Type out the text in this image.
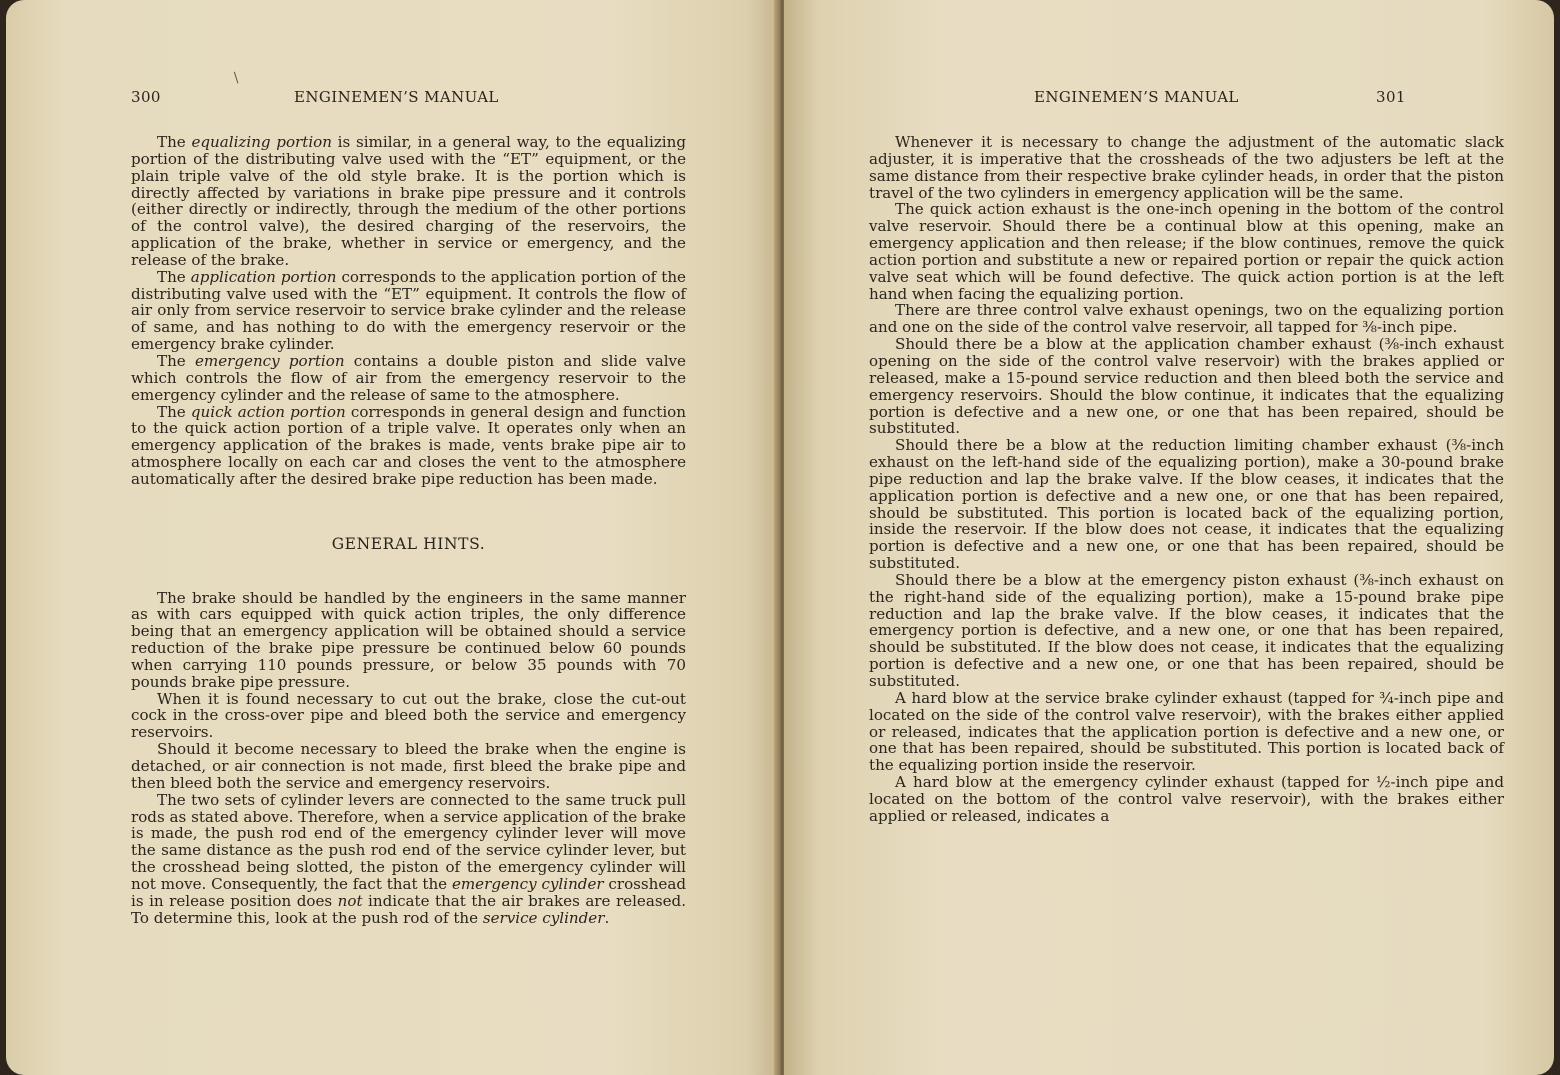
/
300	ENGINEMEN’S MANUAL

The equalizing portion is similar, in a general way, to the equalizing portion of the distributing valve used with the “ET” equipment, or the plain triple valve of the old style brake. It is the portion which is directly affected by variations in brake pipe pressure and it controls (either directly or indirectly, through the medium of the other portions of the control valve), the desired charging of the reservoirs, the application of the brake, whether in service or emergency, and the release of the brake.

The application portion corresponds to the application portion of the distributing valve used with the “ET” equipment. It controls the flow of air only from service reservoir to service brake cylinder and the release of same, and has nothing to do with the emergency reservoir or the emergency brake cylinder.

The emergency portion contains a double piston and slide valve which controls the flow of air from the emergency reservoir to the emergency cylinder and the release of same to the atmosphere.

The quick action portion corresponds in general design and function to the quick action portion of a triple valve. It operates only when an emergency application of the brakes is made, vents brake pipe air to atmosphere locally on each car and closes the vent to the atmosphere automatically after the desired brake pipe reduction has been made.

GENERAL HINTS.

The brake should be handled by the engineers in the same manner as with cars equipped with quick action triples, the only difference being that an emergency application will be obtained should a service reduction of the brake pipe pressure be continued below 60 pounds when carrying 110 pounds pressure, or below 35 pounds with 70 pounds brake pipe pressure.

When it is found necessary to cut out the brake, close the cut-out cock in the cross-over pipe and bleed both the service and emergency reservoirs.

Should it become necessary to bleed the brake when the engine is detached, or air connection is not made, first bleed the brake pipe and then bleed both the service and emergency reservoirs.

The two sets of cylinder levers are connected to the same truck pull rods as stated above. Therefore, when a service application of the brake is made, the push rod end of the emergency cylinder lever will move the same distance as the push rod end of the service cylinder lever, but the crosshead being slotted, the piston of the emergency cylinder will not move. Consequently, the fact that the emergency cylinder crosshead is in release position does not indicate that the air brakes are released. To determine this, look at the push rod of the service cylinder.

ENGINEMEN’S MANUAL	301

Whenever it is necessary to change the adjustment of the automatic slack adjuster, it is imperative that the crossheads of the two adjusters be left at the same distance from their respective brake cylinder heads, in order that the piston travel of the two cylinders in emergency application will be the same.

The quick action exhaust is the one-inch opening in the bottom of the control valve reservoir. Should there be a continual blow at this opening, make an emergency application and then release; if the blow continues, remove the quick action portion and substitute a new or repaired portion or repair the quick action valve seat which will be found defective. The quick action portion is at the left hand when facing the equalizing portion.

There are three control valve exhaust openings, two on the equalizing portion and one on the side of the control valve reservoir, all tapped for ⅜-inch pipe.

Should there be a blow at the application chamber exhaust (⅜-inch exhaust opening on the side of the control valve reservoir) with the brakes applied or released, make a 15-pound service reduction and then bleed both the service and emergency reservoirs. Should the blow continue, it indicates that the equalizing portion is defective and a new one, or one that has been repaired, should be substituted.

Should there be a blow at the reduction limiting chamber exhaust (⅜-inch exhaust on the left-hand side of the equalizing portion), make a 30-pound brake pipe reduction and lap the brake valve. If the blow ceases, it indicates that the application portion is defective and a new one, or one that has been repaired, should be substituted. This portion is located back of the equalizing portion, inside the reservoir. If the blow does not cease, it indicates that the equalizing portion is defective and a new one, or one that has been repaired, should be substituted.

Should there be a blow at the emergency piston exhaust (⅜-inch exhaust on the right-hand side of the equalizing portion), make a 15-pound brake pipe reduction and lap the brake valve. If the blow ceases, it indicates that the emergency portion is defective, and a new one, or one that has been repaired, should be substituted. If the blow does not cease, it indicates that the equalizing portion is defective and a new one, or one that has been repaired, should be substituted.

A hard blow at the service brake cylinder exhaust (tapped for ¾-inch pipe and located on the side of the control valve reservoir), with the brakes either applied or released, indicates that the application portion is defective and a new one, or one that has been repaired, should be substituted. This portion is located back of the equalizing portion inside the reservoir.

A hard blow at the emergency cylinder exhaust (tapped for ½-inch pipe and located on the bottom of the control valve reservoir), with the brakes either applied or released, indicates a
